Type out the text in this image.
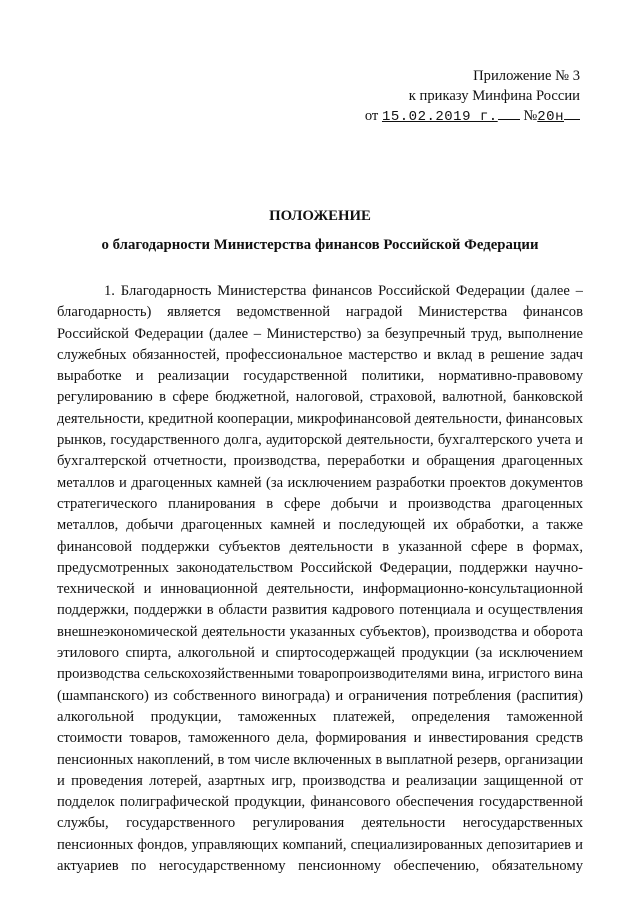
Приложение № 3
к приказу Минфина России
от 15.02.2019 г. №20н
ПОЛОЖЕНИЕ
о благодарности Министерства финансов Российской Федерации
1. Благодарность Министерства финансов Российской Федерации (далее –
благодарность) является ведомственной наградой Министерства финансов
Российской Федерации (далее – Министерство) за безупречный труд, выполнение
служебных обязанностей, профессиональное мастерство и вклад в решение задач
выработке и реализации государственной политики, нормативно-правовому
регулированию в сфере бюджетной, налоговой, страховой, валютной, банковской
деятельности, кредитной кооперации, микрофинансовой деятельности, финансовых
рынков, государственного долга, аудиторской деятельности, бухгалтерского учета и
бухгалтерской отчетности, производства, переработки и обращения драгоценных
металлов и драгоценных камней (за исключением разработки проектов документов
стратегического планирования в сфере добычи и производства драгоценных
металлов, добычи драгоценных камней и последующей их обработки, а также
финансовой поддержки субъектов деятельности в указанной сфере в формах,
предусмотренных законодательством Российской Федерации, поддержки научно-
технической и инновационной деятельности, информационно-консультационной
поддержки, поддержки в области развития кадрового потенциала и осуществления
внешнеэкономической деятельности указанных субъектов), производства и оборота
этилового спирта, алкогольной и спиртосодержащей продукции (за исключением
производства сельскохозяйственными товаропроизводителями вина, игристого вина
(шампанского) из собственного винограда) и ограничения потребления (распития)
алкогольной продукции, таможенных платежей, определения таможенной
стоимости товаров, таможенного дела, формирования и инвестирования средств
пенсионных накоплений, в том числе включенных в выплатной резерв, организации
и проведения лотерей, азартных игр, производства и реализации защищенной от
подделок полиграфической продукции, финансового обеспечения государственной
службы, государственного регулирования деятельности негосударственных
пенсионных фондов, управляющих компаний, специализированных депозитариев и
актуариев по негосударственному пенсионному обеспечению, обязательному
